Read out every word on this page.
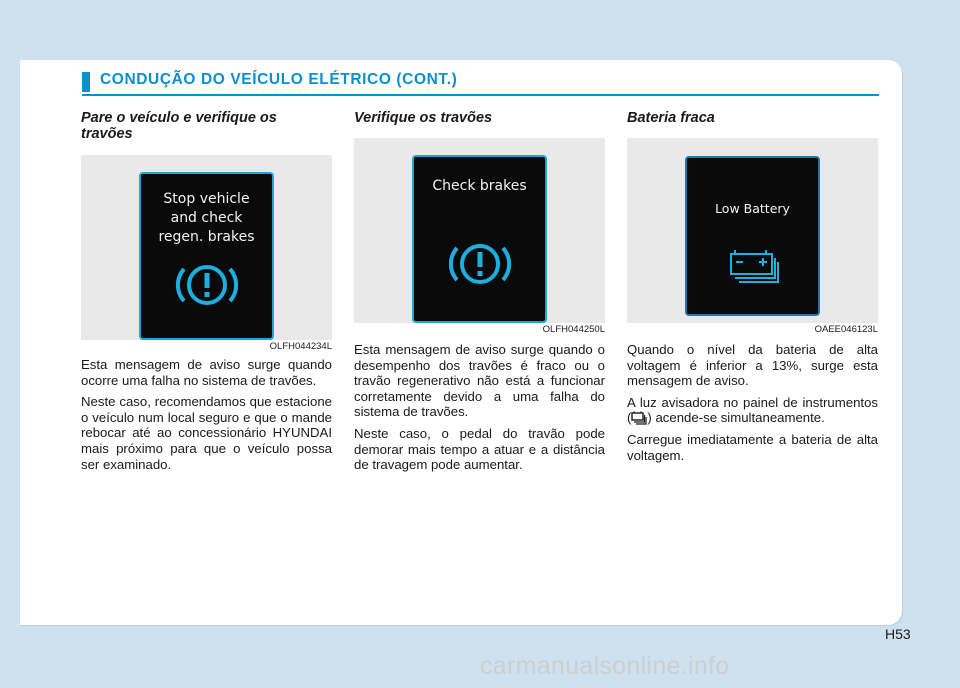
CONDUÇÃO DO VEÍCULO ELÉTRICO (CONT.)
Pare o veículo e verifique os travões
Stop vehicle
and check
regen. brakes
OLFH044234L

Esta mensagem de aviso surge quando ocorre uma falha no sistema de travões.

Neste caso, recomendamos que estacione o veículo num local seguro e que o mande rebocar até ao concessionário HYUNDAI mais próximo para que o veículo possa ser examinado.

Verifique os travões
Check brakes
OLFH044250L

Esta mensagem de aviso surge quando o desempenho dos travões é fraco ou o travão regenerativo não está a funcionar corretamente devido a uma falha do sistema de travões.

Neste caso, o pedal do travão pode demorar mais tempo a atuar e a distância de travagem pode aumentar.

Bateria fraca
Low Battery
OAEE046123L

Quando o nível da bateria de alta voltagem é inferior a 13%, surge esta mensagem de aviso.

A luz avisadora no painel de instrumentos ( ) acende-se simultaneamente.

Carregue imediatamente a bateria de alta voltagem.

H53
carmanualsonline.info
